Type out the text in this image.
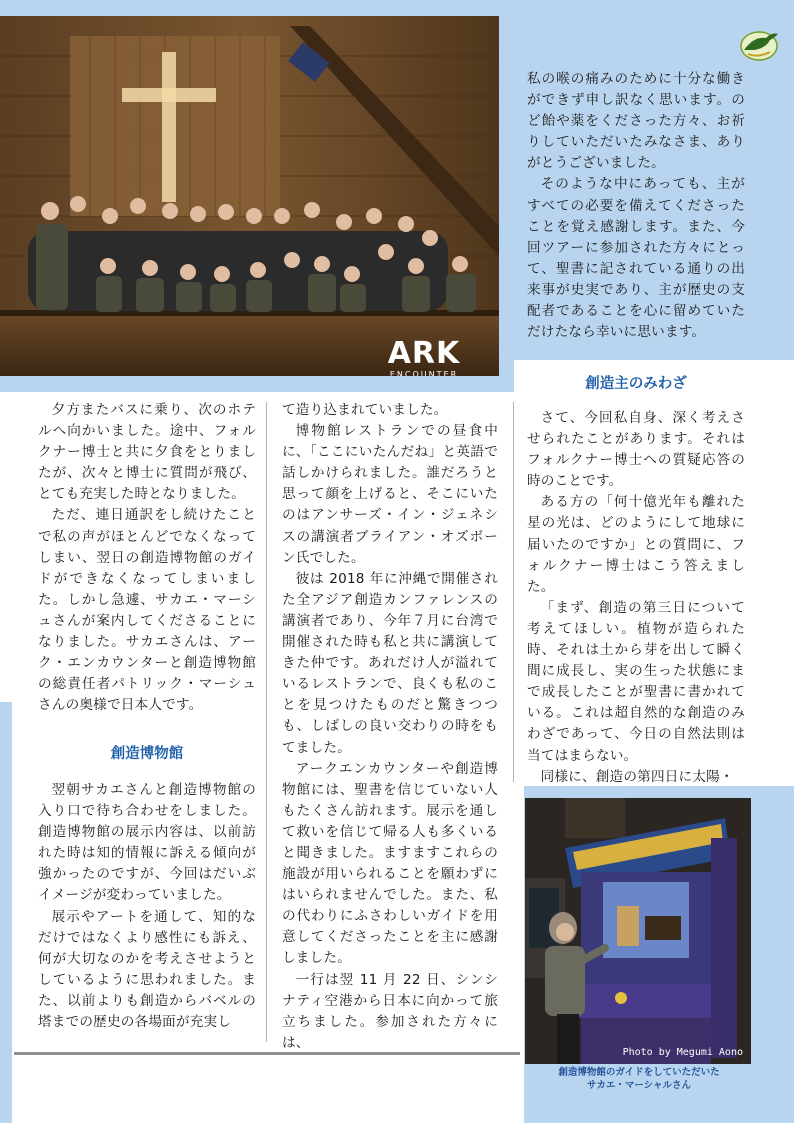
ARK
ENCOUNTER

私の喉の痛みのために十分な働きができず申し訳なく思います。のど飴や薬をくださった方々、お祈りしていただいたみなさま、ありがとうございました。

そのような中にあっても、主がすべての必要を備えてくださったことを覚え感謝します。また、今回ツアーに参加された方々にとって、聖書に記されている通りの出来事が史実であり、主が歴史の支配者であることを心に留めていただけたなら幸いに思います。

創造主のみわざ

さて、今回私自身、深く考えさせられたことがあります。それはフォルクナー博士への質疑応答の時のことです。

ある方の「何十億光年も離れた星の光は、どのようにして地球に届いたのですか」との質問に、フォルクナー博士はこう答えました。

「まず、創造の第三日について考えてほしい。植物が造られた時、それは土から芽を出して瞬く間に成長し、実の生った状態にまで成長したことが聖書に書かれている。これは超自然的な創造のみわざであって、今日の自然法則は当てはまらない。

同様に、創造の第四日に太陽・

夕方またバスに乗り、次のホテルへ向かいました。途中、フォルクナー博士と共に夕食をとりましたが、次々と博士に質問が飛び、とても充実した時となりました。

ただ、連日通訳をし続けたことで私の声がほとんどでなくなってしまい、翌日の創造博物館のガイドができなくなってしまいました。しかし急遽、サカエ・マーシュさんが案内してくださることになりました。サカエさんは、アーク・エンカウンターと創造博物館の総責任者パトリック・マーシュさんの奥様で日本人です。

創造博物館

翌朝サカエさんと創造博物館の入り口で待ち合わせをしました。創造博物館の展示内容は、以前訪れた時は知的情報に訴える傾向が強かったのですが、今回はだいぶイメージが変わっていました。

展示やアートを通して、知的なだけではなくより感性にも訴え、何が大切なのかを考えさせようとしているように思われました。また、以前よりも創造からバベルの塔までの歴史の各場面が充実し

て造り込まれていました。

博物館レストランでの昼食中に、「ここにいたんだね」と英語で話しかけられました。誰だろうと思って顔を上げると、そこにいたのはアンサーズ・イン・ジェネシスの講演者ブライアン・オズボーン氏でした。

彼は 2018 年に沖縄で開催された全アジア創造カンファレンスの講演者であり、今年７月に台湾で開催された時も私と共に講演してきた仲です。あれだけ人が溢れているレストランで、良くも私のことを見つけたものだと驚きつつも、しばしの良い交わりの時をもてました。

アークエンカウンターや創造博物館には、聖書を信じていない人もたくさん訪れます。展示を通して救いを信じて帰る人も多くいると聞きました。ますますこれらの施設が用いられることを願わずにはいられませんでした。また、私の代わりにふさわしいガイドを用意してくださったことを主に感謝しました。

一行は翌 11 月 22 日、シンシナティ空港から日本に向かって旅立ちました。参加された方々には、

Photo by Megumi Aono
創造博物館のガイドをしていただいた
サカエ・マーシャルさん
